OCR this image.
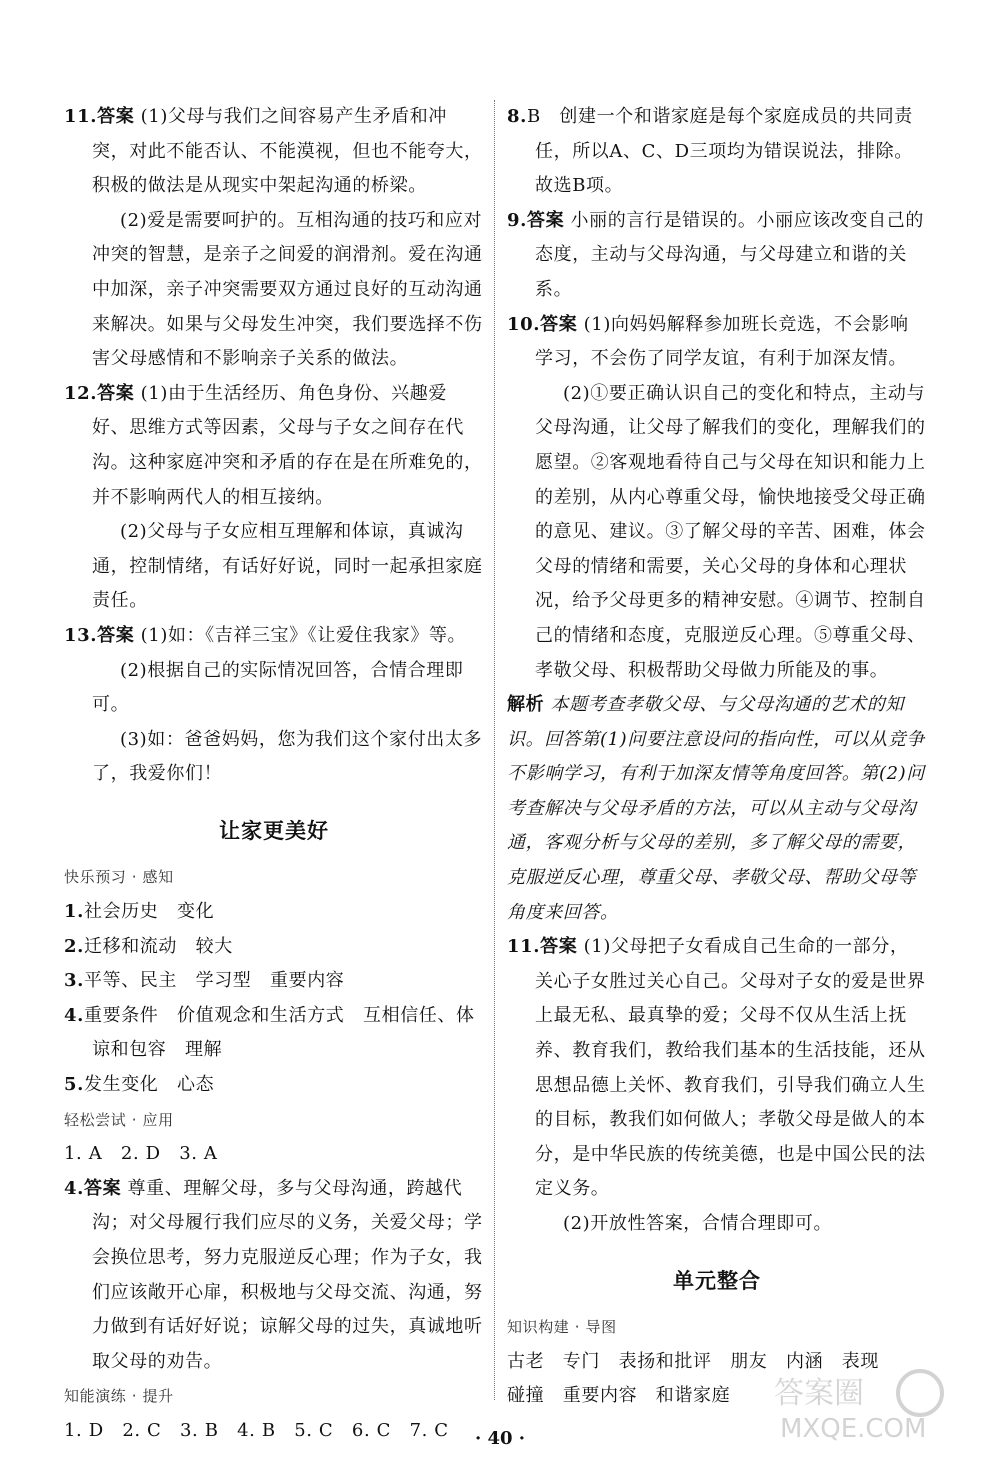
11.答案 (1)父母与我们之间容易产生矛盾和冲突，对此不能否认、不能漠视，但也不能夸大，积极的做法是从现实中架起沟通的桥梁。

(2)爱是需要呵护的。互相沟通的技巧和应对冲突的智慧，是亲子之间爱的润滑剂。爱在沟通中加深，亲子冲突需要双方通过良好的互动沟通来解决。如果与父母发生冲突，我们要选择不伤害父母感情和不影响亲子关系的做法。

12.答案 (1)由于生活经历、角色身份、兴趣爱好、思维方式等因素，父母与子女之间存在代沟。这种家庭冲突和矛盾的存在是在所难免的，并不影响两代人的相互接纳。

(2)父母与子女应相互理解和体谅，真诚沟通，控制情绪，有话好好说，同时一起承担家庭责任。

13.答案 (1)如：《吉祥三宝》《让爱住我家》等。

(2)根据自己的实际情况回答，合情合理即可。

(3)如：爸爸妈妈，您为我们这个家付出太多了，我爱你们！

让家更美好

快乐预习 · 感知

1.社会历史　变化

2.迁移和流动　较大

3.平等、民主　学习型　重要内容

4.重要条件　价值观念和生活方式　互相信任、体谅和包容　理解

5.发生变化　心态

轻松尝试 · 应用

1. A　2. D　3. A

4.答案 尊重、理解父母，多与父母沟通，跨越代沟；对父母履行我们应尽的义务，关爱父母；学会换位思考，努力克服逆反心理；作为子女，我们应该敞开心扉，积极地与父母交流、沟通，努力做到有话好好说；谅解父母的过失，真诚地听取父母的劝告。

知能演练 · 提升

1. D　2. C　3. B　4. B　5. C　6. C　7. C

8.B　创建一个和谐家庭是每个家庭成员的共同责任，所以A、C、D三项均为错误说法，排除。故选B项。

9.答案 小丽的言行是错误的。小丽应该改变自己的态度，主动与父母沟通，与父母建立和谐的关系。

10.答案 (1)向妈妈解释参加班长竞选，不会影响学习，不会伤了同学友谊，有利于加深友情。

(2)①要正确认识自己的变化和特点，主动与父母沟通，让父母了解我们的变化，理解我们的愿望。②客观地看待自己与父母在知识和能力上的差别，从内心尊重父母，愉快地接受父母正确的意见、建议。③了解父母的辛苦、困难，体会父母的情绪和需要，关心父母的身体和心理状况，给予父母更多的精神安慰。④调节、控制自己的情绪和态度，克服逆反心理。⑤尊重父母、孝敬父母、积极帮助父母做力所能及的事。

解析 本题考查孝敬父母、与父母沟通的艺术的知识。回答第(1)问要注意设问的指向性，可以从竞争不影响学习，有利于加深友情等角度回答。第(2)问考查解决与父母矛盾的方法，可以从主动与父母沟通，客观分析与父母的差别，多了解父母的需要，克服逆反心理，尊重父母、孝敬父母、帮助父母等角度来回答。

11.答案 (1)父母把子女看成自己生命的一部分，关心子女胜过关心自己。父母对子女的爱是世界上最无私、最真挚的爱；父母不仅从生活上抚养、教育我们，教给我们基本的生活技能，还从思想品德上关怀、教育我们，引导我们确立人生的目标，教我们如何做人；孝敬父母是做人的本分，是中华民族的传统美德，也是中国公民的法定义务。

(2)开放性答案，合情合理即可。

单元整合

知识构建 · 导图

古老　专门　表扬和批评　朋友　内涵　表现

碰撞　重要内容　和谐家庭

· 40 ·
答案圈
MXQE.COM
